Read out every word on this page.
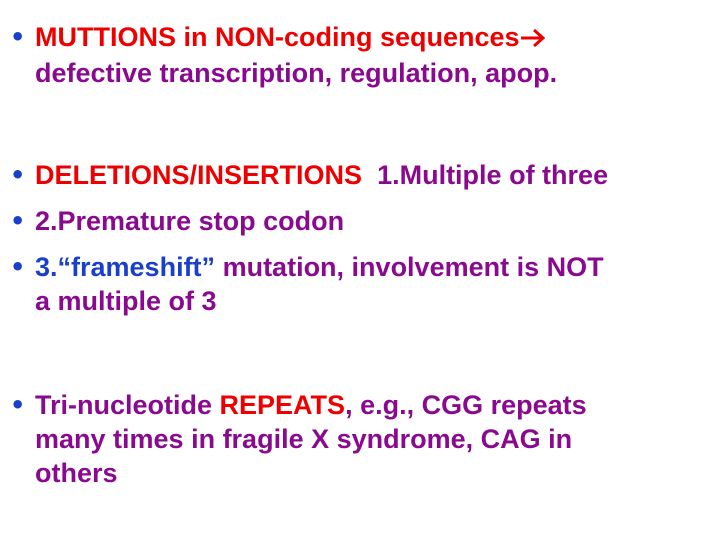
• MUTTIONS in NON-coding sequences
defective transcription, regulation, apop.
• DELETIONS/INSERTIONS 1.Multiple of three
• 2.Premature stop codon
• 3.“frameshift” mutation, involvement is NOT
a multiple of 3
• Tri-nucleotide REPEATS, e.g., CGG repeats
many times in fragile X syndrome, CAG in
others
